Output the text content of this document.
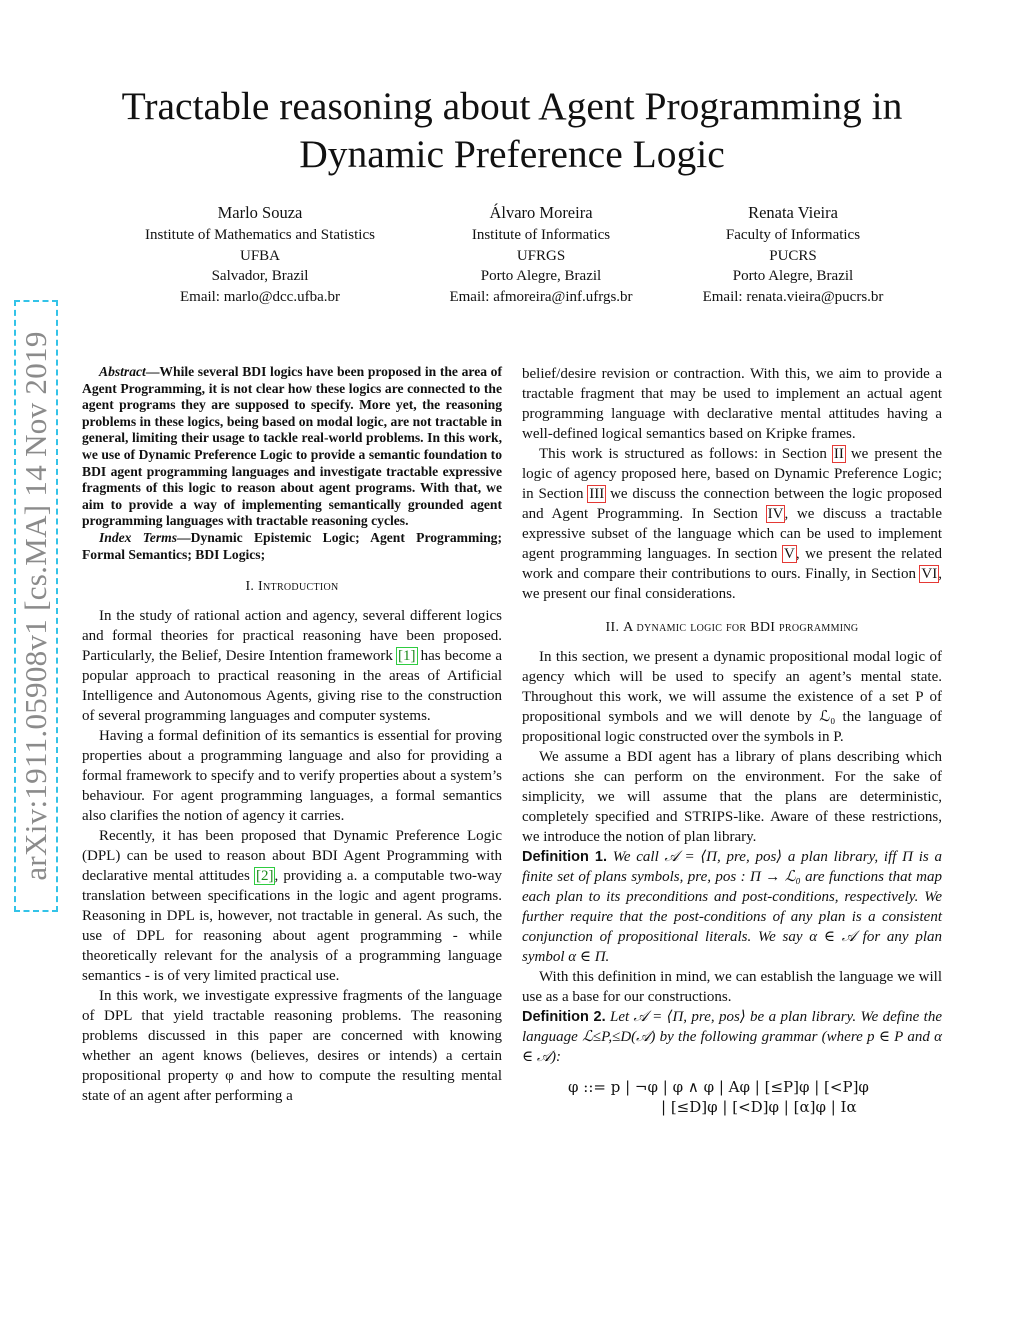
arXiv:1911.05908v1 [cs.MA] 14 Nov 2019
Tractable reasoning about Agent Programming in
Dynamic Preference Logic
Marlo Souza
Institute of Mathematics and Statistics
UFBA
Salvador, Brazil
Email: marlo@dcc.ufba.br
Álvaro Moreira
Institute of Informatics
UFRGS
Porto Alegre, Brazil
Email: afmoreira@inf.ufrgs.br
Renata Vieira
Faculty of Informatics
PUCRS
Porto Alegre, Brazil
Email: renata.vieira@pucrs.br

Abstract—While several BDI logics have been proposed in the area of Agent Programming, it is not clear how these logics are connected to the agent programs they are supposed to specify. More yet, the reasoning problems in these logics, being based on modal logic, are not tractable in general, limiting their usage to tackle real-world problems. In this work, we use of Dynamic Preference Logic to provide a semantic foundation to BDI agent programming languages and investigate tractable expressive fragments of this logic to reason about agent programs. With that, we aim to provide a way of implementing semantically grounded agent programming languages with tractable reasoning cycles.

Index Terms—Dynamic Epistemic Logic; Agent Programming; Formal Semantics; BDI Logics;

I. Introduction

In the study of rational action and agency, several different logics and formal theories for practical reasoning have been proposed. Particularly, the Belief, Desire Intention framework [1] has become a popular approach to practical reasoning in the areas of Artificial Intelligence and Autonomous Agents, giving rise to the construction of several programming languages and computer systems.

Having a formal definition of its semantics is essential for proving properties about a programming language and also for providing a formal framework to specify and to verify properties about a system’s behaviour. For agent programming languages, a formal semantics also clarifies the notion of agency it carries.

Recently, it has been proposed that Dynamic Preference Logic (DPL) can be used to reason about BDI Agent Programming with declarative mental attitudes [2], providing a. a computable two-way translation between specifications in the logic and agent programs. Reasoning in DPL is, however, not tractable in general. As such, the use of DPL for reasoning about agent programming - while theoretically relevant for the analysis of a programming language semantics - is of very limited practical use.

In this work, we investigate expressive fragments of the language of DPL that yield tractable reasoning problems. The reasoning problems discussed in this paper are concerned with knowing whether an agent knows (believes, desires or intends) a certain propositional property φ and how to compute the resulting mental state of an agent after performing a

belief/desire revision or contraction. With this, we aim to provide a tractable fragment that may be used to implement an actual agent programming language with declarative mental attitudes having a well-defined logical semantics based on Kripke frames.

This work is structured as follows: in Section II we present the logic of agency proposed here, based on Dynamic Preference Logic; in Section III we discuss the connection between the logic proposed and Agent Programming. In Section IV, we discuss a tractable expressive subset of the language which can be used to implement agent programming languages. In section V, we present the related work and compare their contributions to ours. Finally, in Section VI, we present our final considerations.

II. A dynamic logic for BDI programming

In this section, we present a dynamic propositional modal logic of agency which will be used to specify an agent’s mental state. Throughout this work, we will assume the existence of a set P of propositional symbols and we will denote by ℒ₀ the language of propositional logic constructed over the symbols in P.

We assume a BDI agent has a library of plans describing which actions she can perform on the environment. For the sake of simplicity, we will assume that the plans are deterministic, completely specified and STRIPS-like. Aware of these restrictions, we introduce the notion of plan library.

Definition 1. We call 𝒜 = ⟨Π, pre, pos⟩ a plan library, iff Π is a finite set of plans symbols, pre, pos : Π → ℒ₀ are functions that map each plan to its preconditions and post-conditions, respectively. We further require that the post-conditions of any plan is a consistent conjunction of propositional literals. We say α ∈ 𝒜 for any plan symbol α ∈ Π.

With this definition in mind, we can establish the language we will use as a base for our constructions.

Definition 2. Let 𝒜 = ⟨Π, pre, pos⟩ be a plan library. We define the language ℒ≤P,≤D(𝒜) by the following grammar (where p ∈ P and α ∈ 𝒜):

φ ::= p | ¬φ | φ ∧ φ | Aφ | [≤P]φ | [<P]φ
| [≤D]φ | [<D]φ | [α]φ | Iα
